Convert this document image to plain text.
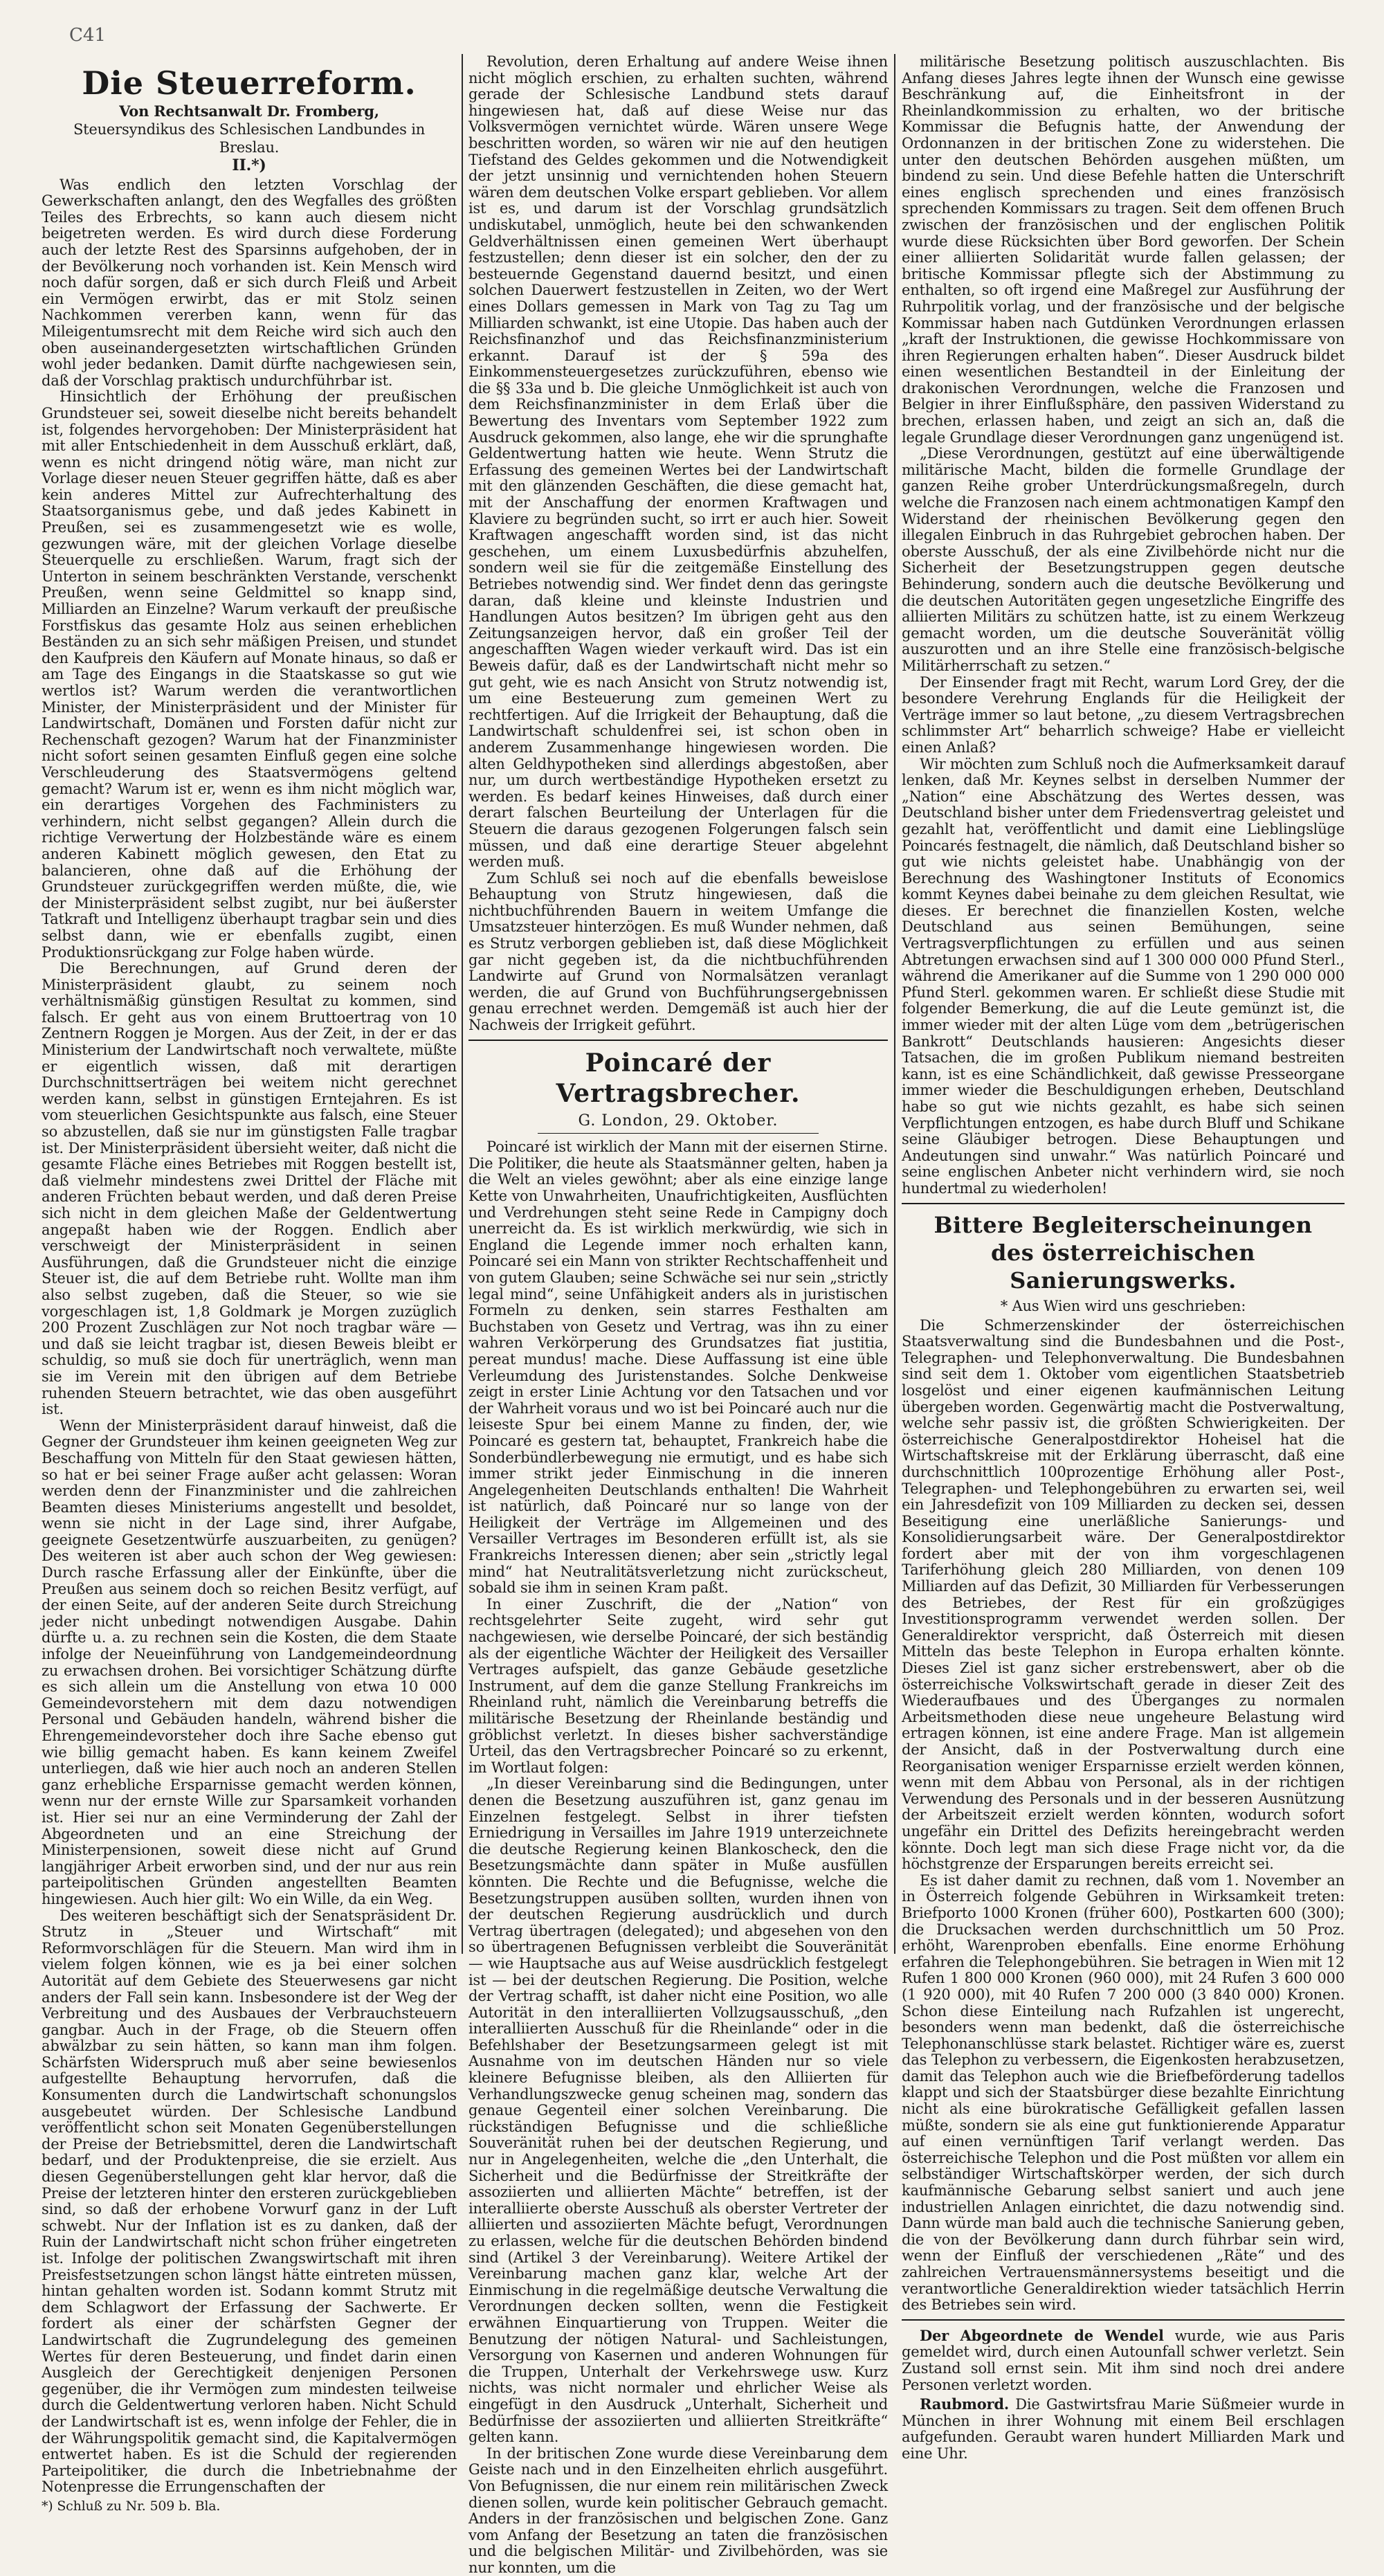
C41
Die Steuerreform.
Von Rechtsanwalt Dr. Fromberg,
Steuersyndikus des Schlesischen Landbundes in Breslau.
II.*)

Was endlich den letzten Vorschlag der Gewerkschaften anlangt, den des Wegfalles des größten Teiles des Erbrechts, so kann auch diesem nicht beigetreten werden. Es wird durch diese Forderung auch der letzte Rest des Sparsinns aufgehoben, der in der Bevölkerung noch vorhanden ist. Kein Mensch wird noch dafür sorgen, daß er sich durch Fleiß und Arbeit ein Vermögen erwirbt, das er mit Stolz seinen Nachkommen vererben kann, wenn für das Mileigentumsrecht mit dem Reiche wird sich auch den oben auseinandergesetzten wirtschaftlichen Gründen wohl jeder bedanken. Damit dürfte nachgewiesen sein, daß der Vorschlag praktisch undurchführbar ist.

Hinsichtlich der Erhöhung der preußischen Grundsteuer sei, soweit dieselbe nicht bereits behandelt ist, folgendes hervorgehoben: Der Ministerpräsident hat mit aller Entschiedenheit in dem Ausschuß erklärt, daß, wenn es nicht dringend nötig wäre, man nicht zur Vorlage dieser neuen Steuer gegriffen hätte, daß es aber kein anderes Mittel zur Aufrechterhaltung des Staatsorganismus gebe, und daß jedes Kabinett in Preußen, sei es zusammengesetzt wie es wolle, gezwungen wäre, mit der gleichen Vorlage dieselbe Steuerquelle zu erschließen. Warum, fragt sich der Unterton in seinem beschränkten Verstande, verschenkt Preußen, wenn seine Geldmittel so knapp sind, Milliarden an Einzelne? Warum verkauft der preußische Forstfiskus das gesamte Holz aus seinen erheblichen Beständen zu an sich sehr mäßigen Preisen, und stundet den Kaufpreis den Käufern auf Monate hinaus, so daß er am Tage des Eingangs in die Staatskasse so gut wie wertlos ist? Warum werden die verantwortlichen Minister, der Ministerpräsident und der Minister für Landwirtschaft, Domänen und Forsten dafür nicht zur Rechenschaft gezogen? Warum hat der Finanzminister nicht sofort seinen gesamten Einfluß gegen eine solche Verschleuderung des Staatsvermögens geltend gemacht? Warum ist er, wenn es ihm nicht möglich war, ein derartiges Vorgehen des Fachministers zu verhindern, nicht selbst gegangen? Allein durch die richtige Verwertung der Holzbestände wäre es einem anderen Kabinett möglich gewesen, den Etat zu balancieren, ohne daß auf die Erhöhung der Grundsteuer zurückgegriffen werden müßte, die, wie der Ministerpräsident selbst zugibt, nur bei äußerster Tatkraft und Intelligenz überhaupt tragbar sein und dies selbst dann, wie er ebenfalls zugibt, einen Produktionsrückgang zur Folge haben würde.

Die Berechnungen, auf Grund deren der Ministerpräsident glaubt, zu seinem noch verhältnismäßig günstigen Resultat zu kommen, sind falsch. Er geht aus von einem Bruttoertrag von 10 Zentnern Roggen je Morgen. Aus der Zeit, in der er das Ministerium der Landwirtschaft noch verwaltete, müßte er eigentlich wissen, daß mit derartigen Durchschnittserträgen bei weitem nicht gerechnet werden kann, selbst in günstigen Erntejahren. Es ist vom steuerlichen Gesichtspunkte aus falsch, eine Steuer so abzustellen, daß sie nur im günstigsten Falle tragbar ist. Der Ministerpräsident übersieht weiter, daß nicht die gesamte Fläche eines Betriebes mit Roggen bestellt ist, daß vielmehr mindestens zwei Drittel der Fläche mit anderen Früchten bebaut werden, und daß deren Preise sich nicht in dem gleichen Maße der Geldentwertung angepaßt haben wie der Roggen. Endlich aber verschweigt der Ministerpräsident in seinen Ausführungen, daß die Grundsteuer nicht die einzige Steuer ist, die auf dem Betriebe ruht. Wollte man ihm also selbst zugeben, daß die Steuer, so wie sie vorgeschlagen ist, 1,8 Goldmark je Morgen zuzüglich 200 Prozent Zuschlägen zur Not noch tragbar wäre — und daß sie leicht tragbar ist, diesen Beweis bleibt er schuldig, so muß sie doch für unerträglich, wenn man sie im Verein mit den übrigen auf dem Betriebe ruhenden Steuern betrachtet, wie das oben ausgeführt ist.

Wenn der Ministerpräsident darauf hinweist, daß die Gegner der Grundsteuer ihm keinen geeigneten Weg zur Beschaffung von Mitteln für den Staat gewiesen hätten, so hat er bei seiner Frage außer acht gelassen: Woran werden denn der Finanzminister und die zahlreichen Beamten dieses Ministeriums angestellt und besoldet, wenn sie nicht in der Lage sind, ihrer Aufgabe, geeignete Gesetzentwürfe auszuarbeiten, zu genügen? Des weiteren ist aber auch schon der Weg gewiesen: Durch rasche Erfassung aller der Einkünfte, über die Preußen aus seinem doch so reichen Besitz verfügt, auf der einen Seite, auf der anderen Seite durch Streichung jeder nicht unbedingt notwendigen Ausgabe. Dahin dürfte u. a. zu rechnen sein die Kosten, die dem Staate infolge der Neueinführung von Landgemeindeordnung zu erwachsen drohen. Bei vorsichtiger Schätzung dürfte es sich allein um die Anstellung von etwa 10 000 Gemeindevorstehern mit dem dazu notwendigen Personal und Gebäuden handeln, während bisher die Ehrengemeindevorsteher doch ihre Sache ebenso gut wie billig gemacht haben. Es kann keinem Zweifel unterliegen, daß wie hier auch noch an anderen Stellen ganz erhebliche Ersparnisse gemacht werden können, wenn nur der ernste Wille zur Sparsamkeit vorhanden ist. Hier sei nur an eine Verminderung der Zahl der Abgeordneten und an eine Streichung der Ministerpensionen, soweit diese nicht auf Grund langjähriger Arbeit erworben sind, und der nur aus rein parteipolitischen Gründen angestellten Beamten hingewiesen. Auch hier gilt: Wo ein Wille, da ein Weg.

Des weiteren beschäftigt sich der Senatspräsident Dr. Strutz in „Steuer und Wirtschaft“ mit Reformvorschlägen für die Steuern. Man wird ihm in vielem folgen können, wie es ja bei einer solchen Autorität auf dem Gebiete des Steuerwesens gar nicht anders der Fall sein kann. Insbesondere ist der Weg der Verbreitung und des Ausbaues der Verbrauchsteuern gangbar. Auch in der Frage, ob die Steuern offen abwälzbar zu sein hätten, so kann man ihm folgen. Schärfsten Widerspruch muß aber seine bewiesenlos aufgestellte Behauptung hervorrufen, daß die Konsumenten durch die Landwirtschaft schonungslos ausgebeutet würden. Der Schlesische Landbund veröffentlicht schon seit Monaten Gegenüberstellungen der Preise der Betriebsmittel, deren die Landwirtschaft bedarf, und der Produktenpreise, die sie erzielt. Aus diesen Gegenüberstellungen geht klar hervor, daß die Preise der letzteren hinter den ersteren zurückgeblieben sind, so daß der erhobene Vorwurf ganz in der Luft schwebt. Nur der Inflation ist es zu danken, daß der Ruin der Landwirtschaft nicht schon früher eingetreten ist. Infolge der politischen Zwangswirtschaft mit ihren Preisfestsetzungen schon längst hätte eintreten müssen, hintan gehalten worden ist. Sodann kommt Strutz mit dem Schlagwort der Erfassung der Sachwerte. Er fordert als einer der schärfsten Gegner der Landwirtschaft die Zugrundelegung des gemeinen Wertes für deren Besteuerung, und findet darin einen Ausgleich der Gerechtigkeit denjenigen Personen gegenüber, die ihr Vermögen zum mindesten teilweise durch die Geldentwertung verloren haben. Nicht Schuld der Landwirtschaft ist es, wenn infolge der Fehler, die in der Währungspolitik gemacht sind, die Kapitalvermögen entwertet haben. Es ist die Schuld der regierenden Parteipolitiker, die durch die Inbetriebnahme der Notenpresse die Errungenschaften der

*) Schluß zu Nr. 509 b. Bla.

Revolution, deren Erhaltung auf andere Weise ihnen nicht möglich erschien, zu erhalten suchten, während gerade der Schlesische Landbund stets darauf hingewiesen hat, daß auf diese Weise nur das Volksvermögen vernichtet würde. Wären unsere Wege beschritten worden, so wären wir nie auf den heutigen Tiefstand des Geldes gekommen und die Notwendigkeit der jetzt unsinnig und vernichtenden hohen Steuern wären dem deutschen Volke erspart geblieben. Vor allem ist es, und darum ist der Vorschlag grundsätzlich undiskutabel, unmöglich, heute bei den schwankenden Geldverhältnissen einen gemeinen Wert überhaupt festzustellen; denn dieser ist ein solcher, den der zu besteuernde Gegenstand dauernd besitzt, und einen solchen Dauerwert festzustellen in Zeiten, wo der Wert eines Dollars gemessen in Mark von Tag zu Tag um Milliarden schwankt, ist eine Utopie. Das haben auch der Reichsfinanzhof und das Reichsfinanzministerium erkannt. Darauf ist der § 59a des Einkommensteuergesetzes zurückzuführen, ebenso wie die §§ 33a und b. Die gleiche Unmöglichkeit ist auch von dem Reichsfinanzminister in dem Erlaß über die Bewertung des Inventars vom September 1922 zum Ausdruck gekommen, also lange, ehe wir die sprunghafte Geldentwertung hatten wie heute. Wenn Strutz die Erfassung des gemeinen Wertes bei der Landwirtschaft mit den glänzenden Geschäften, die diese gemacht hat, mit der Anschaffung der enormen Kraftwagen und Klaviere zu begründen sucht, so irrt er auch hier. Soweit Kraftwagen angeschafft worden sind, ist das nicht geschehen, um einem Luxusbedürfnis abzuhelfen, sondern weil sie für die zeitgemäße Einstellung des Betriebes notwendig sind. Wer findet denn das geringste daran, daß kleine und kleinste Industrien und Handlungen Autos besitzen? Im übrigen geht aus den Zeitungsanzeigen hervor, daß ein großer Teil der angeschafften Wagen wieder verkauft wird. Das ist ein Beweis dafür, daß es der Landwirtschaft nicht mehr so gut geht, wie es nach Ansicht von Strutz notwendig ist, um eine Besteuerung zum gemeinen Wert zu rechtfertigen. Auf die Irrigkeit der Behauptung, daß die Landwirtschaft schuldenfrei sei, ist schon oben in anderem Zusammenhange hingewiesen worden. Die alten Geldhypotheken sind allerdings abgestoßen, aber nur, um durch wertbeständige Hypotheken ersetzt zu werden. Es bedarf keines Hinweises, daß durch einer derart falschen Beurteilung der Unterlagen für die Steuern die daraus gezogenen Folgerungen falsch sein müssen, und daß eine derartige Steuer abgelehnt werden muß.

Zum Schluß sei noch auf die ebenfalls beweislose Behauptung von Strutz hingewiesen, daß die nichtbuchführenden Bauern in weitem Umfange die Umsatzsteuer hinterzögen. Es muß Wunder nehmen, daß es Strutz verborgen geblieben ist, daß diese Möglichkeit gar nicht gegeben ist, da die nichtbuchführenden Landwirte auf Grund von Normalsätzen veranlagt werden, die auf Grund von Buchführungsergebnissen genau errechnet werden. Demgemäß ist auch hier der Nachweis der Irrigkeit geführt.

Poincaré der Vertragsbrecher.
G. London, 29. Oktober.

Poincaré ist wirklich der Mann mit der eisernen Stirne. Die Politiker, die heute als Staatsmänner gelten, haben ja die Welt an vieles gewöhnt; aber als eine einzige lange Kette von Unwahrheiten, Unaufrichtigkeiten, Ausflüchten und Verdrehungen steht seine Rede in Campigny doch unerreicht da. Es ist wirklich merkwürdig, wie sich in England die Legende immer noch erhalten kann, Poincaré sei ein Mann von strikter Rechtschaffenheit und von gutem Glauben; seine Schwäche sei nur sein „strictly legal mind“, seine Unfähigkeit anders als in juristischen Formeln zu denken, sein starres Festhalten am Buchstaben von Gesetz und Vertrag, was ihn zu einer wahren Verkörperung des Grundsatzes fiat justitia, pereat mundus! mache. Diese Auffassung ist eine üble Verleumdung des Juristenstandes. Solche Denkweise zeigt in erster Linie Achtung vor den Tatsachen und vor der Wahrheit voraus und wo ist bei Poincaré auch nur die leiseste Spur bei einem Manne zu finden, der, wie Poincaré es gestern tat, behauptet, Frankreich habe die Sonderbündlerbewegung nie ermutigt, und es habe sich immer strikt jeder Einmischung in die inneren Angelegenheiten Deutschlands enthalten! Die Wahrheit ist natürlich, daß Poincaré nur so lange von der Heiligkeit der Verträge im Allgemeinen und des Versailler Vertrages im Besonderen erfüllt ist, als sie Frankreichs Interessen dienen; aber sein „strictly legal mind“ hat Neutralitätsverletzung nicht zurückscheut, sobald sie ihm in seinen Kram paßt.

In einer Zuschrift, die der „Nation“ von rechtsgelehrter Seite zugeht, wird sehr gut nachgewiesen, wie derselbe Poincaré, der sich beständig als der eigentliche Wächter der Heiligkeit des Versailler Vertrages aufspielt, das ganze Gebäude gesetzliche Instrument, auf dem die ganze Stellung Frankreichs im Rheinland ruht, nämlich die Vereinbarung betreffs die militärische Besetzung der Rheinlande beständig und gröblichst verletzt. In dieses bisher sachverständige Urteil, das den Vertragsbrecher Poincaré so zu erkennt, im Wortlaut folgen:

„In dieser Vereinbarung sind die Bedingungen, unter denen die Besetzung auszuführen ist, ganz genau im Einzelnen festgelegt. Selbst in ihrer tiefsten Erniedrigung in Versailles im Jahre 1919 unterzeichnete die deutsche Regierung keinen Blankoscheck, den die Besetzungsmächte dann später in Muße ausfüllen könnten. Die Rechte und die Befugnisse, welche die Besetzungstruppen ausüben sollten, wurden ihnen von der deutschen Regierung ausdrücklich und durch Vertrag übertragen (delegated); und abgesehen von den so übertragenen Befugnissen verbleibt die Souveränität — wie Hauptsache aus auf Weise ausdrücklich festgelegt ist — bei der deutschen Regierung. Die Position, welche der Vertrag schafft, ist daher nicht eine Position, wo alle Autorität in den interalliierten Vollzugsausschuß, „den interalliierten Ausschuß für die Rheinlande“ oder in die Befehlshaber der Besetzungsarmeen gelegt ist mit Ausnahme von im deutschen Händen nur so viele kleinere Befugnisse bleiben, als den Alliierten für Verhandlungszwecke genug scheinen mag, sondern das genaue Gegenteil einer solchen Vereinbarung. Die rückständigen Befugnisse und die schließliche Souveränität ruhen bei der deutschen Regierung, und nur in Angelegenheiten, welche die „den Unterhalt, die Sicherheit und die Bedürfnisse der Streitkräfte der assoziierten und alliierten Mächte“ betreffen, ist der interalliierte oberste Ausschuß als oberster Vertreter der alliierten und assoziierten Mächte befugt, Verordnungen zu erlassen, welche für die deutschen Behörden bindend sind (Artikel 3 der Vereinbarung). Weitere Artikel der Vereinbarung machen ganz klar, welche Art der Einmischung in die regelmäßige deutsche Verwaltung die Verordnungen decken sollten, wenn die Festigkeit erwähnen Einquartierung von Truppen. Weiter die Benutzung der nötigen Natural- und Sachleistungen, Versorgung von Kasernen und anderen Wohnungen für die Truppen, Unterhalt der Verkehrswege usw. Kurz nichts, was nicht normaler und ehrlicher Weise als eingefügt in den Ausdruck „Unterhalt, Sicherheit und Bedürfnisse der assoziierten und alliierten Streitkräfte“ gelten kann.

In der britischen Zone wurde diese Vereinbarung dem Geiste nach und in den Einzelheiten ehrlich ausgeführt. Von Befugnissen, die nur einem rein militärischen Zweck dienen sollen, wurde kein politischer Gebrauch gemacht. Anders in der französischen und belgischen Zone. Ganz vom Anfang der Besetzung an taten die französischen und die belgischen Militär- und Zivilbehörden, was sie nur konnten, um die

militärische Besetzung politisch auszuschlachten. Bis Anfang dieses Jahres legte ihnen der Wunsch eine gewisse Beschränkung auf, die Einheitsfront in der Rheinlandkommission zu erhalten, wo der britische Kommissar die Befugnis hatte, der Anwendung der Ordonnanzen in der britischen Zone zu widerstehen. Die unter den deutschen Behörden ausgehen müßten, um bindend zu sein. Und diese Befehle hatten die Unterschrift eines englisch sprechenden und eines französisch sprechenden Kommissars zu tragen. Seit dem offenen Bruch zwischen der französischen und der englischen Politik wurde diese Rücksichten über Bord geworfen. Der Schein einer alliierten Solidarität wurde fallen gelassen; der britische Kommissar pflegte sich der Abstimmung zu enthalten, so oft irgend eine Maßregel zur Ausführung der Ruhrpolitik vorlag, und der französische und der belgische Kommissar haben nach Gutdünken Verordnungen erlassen „kraft der Instruktionen, die gewisse Hochkommissare von ihren Regierungen erhalten haben“. Dieser Ausdruck bildet einen wesentlichen Bestandteil in der Einleitung der drakonischen Verordnungen, welche die Franzosen und Belgier in ihrer Einflußsphäre, den passiven Widerstand zu brechen, erlassen haben, und zeigt an sich an, daß die legale Grundlage dieser Verordnungen ganz ungenügend ist.

„Diese Verordnungen, gestützt auf eine überwältigende militärische Macht, bilden die formelle Grundlage der ganzen Reihe grober Unterdrückungsmaßregeln, durch welche die Franzosen nach einem achtmonatigen Kampf den Widerstand der rheinischen Bevölkerung gegen den illegalen Einbruch in das Ruhrgebiet gebrochen haben. Der oberste Ausschuß, der als eine Zivilbehörde nicht nur die Sicherheit der Besetzungstruppen gegen deutsche Behinderung, sondern auch die deutsche Bevölkerung und die deutschen Autoritäten gegen ungesetzliche Eingriffe des alliierten Militärs zu schützen hatte, ist zu einem Werkzeug gemacht worden, um die deutsche Souveränität völlig auszurotten und an ihre Stelle eine französisch-belgische Militärherrschaft zu setzen.“

Der Einsender fragt mit Recht, warum Lord Grey, der die besondere Verehrung Englands für die Heiligkeit der Verträge immer so laut betone, „zu diesem Vertragsbrechen schlimmster Art“ beharrlich schweige? Habe er vielleicht einen Anlaß?

Wir möchten zum Schluß noch die Aufmerksamkeit darauf lenken, daß Mr. Keynes selbst in derselben Nummer der „Nation“ eine Abschätzung des Wertes dessen, was Deutschland bisher unter dem Friedensvertrag geleistet und gezahlt hat, veröffentlicht und damit eine Lieblingslüge Poincarés festnagelt, die nämlich, daß Deutschland bisher so gut wie nichts geleistet habe. Unabhängig von der Berechnung des Washingtoner Instituts of Economics kommt Keynes dabei beinahe zu dem gleichen Resultat, wie dieses. Er berechnet die finanziellen Kosten, welche Deutschland aus seinen Bemühungen, seine Vertragsverpflichtungen zu erfüllen und aus seinen Abtretungen erwachsen sind auf 1 300 000 000 Pfund Sterl., während die Amerikaner auf die Summe von 1 290 000 000 Pfund Sterl. gekommen waren. Er schließt diese Studie mit folgender Bemerkung, die auf die Leute gemünzt ist, die immer wieder mit der alten Lüge vom dem „betrügerischen Bankrott“ Deutschlands hausieren: Angesichts dieser Tatsachen, die im großen Publikum niemand bestreiten kann, ist es eine Schändlichkeit, daß gewisse Presseorgane immer wieder die Beschuldigungen erheben, Deutschland habe so gut wie nichts gezahlt, es habe sich seinen Verpflichtungen entzogen, es habe durch Bluff und Schikane seine Gläubiger betrogen. Diese Behauptungen und Andeutungen sind unwahr.“ Was natürlich Poincaré und seine englischen Anbeter nicht verhindern wird, sie noch hundertmal zu wiederholen!

Bittere Begleiterscheinungen
des österreichischen Sanierungswerks.
* Aus Wien wird uns geschrieben:

Die Schmerzenskinder der österreichischen Staatsverwaltung sind die Bundesbahnen und die Post-, Telegraphen- und Telephonverwaltung. Die Bundesbahnen sind seit dem 1. Oktober vom eigentlichen Staatsbetrieb losgelöst und einer eigenen kaufmännischen Leitung übergeben worden. Gegenwärtig macht die Postverwaltung, welche sehr passiv ist, die größten Schwierigkeiten. Der österreichische Generalpostdirektor Hoheisel hat die Wirtschaftskreise mit der Erklärung überrascht, daß eine durchschnittlich 100prozentige Erhöhung aller Post-, Telegraphen- und Telephongebühren zu erwarten sei, weil ein Jahresdefizit von 109 Milliarden zu decken sei, dessen Beseitigung eine unerläßliche Sanierungs- und Konsolidierungsarbeit wäre. Der Generalpostdirektor fordert aber mit der von ihm vorgeschlagenen Tariferhöhung gleich 280 Milliarden, von denen 109 Milliarden auf das Defizit, 30 Milliarden für Verbesserungen des Betriebes, der Rest für ein großzügiges Investitionsprogramm verwendet werden sollen. Der Generaldirektor verspricht, daß Österreich mit diesen Mitteln das beste Telephon in Europa erhalten könnte. Dieses Ziel ist ganz sicher erstrebenswert, aber ob die österreichische Volkswirtschaft gerade in dieser Zeit des Wiederaufbaues und des Überganges zu normalen Arbeitsmethoden diese neue ungeheure Belastung wird ertragen können, ist eine andere Frage. Man ist allgemein der Ansicht, daß in der Postverwaltung durch eine Reorganisation weniger Ersparnisse erzielt werden können, wenn mit dem Abbau von Personal, als in der richtigen Verwendung des Personals und in der besseren Ausnützung der Arbeitszeit erzielt werden könnten, wodurch sofort ungefähr ein Drittel des Defizits hereingebracht werden könnte. Doch legt man sich diese Frage nicht vor, da die höchstgrenze der Ersparungen bereits erreicht sei.

Es ist daher damit zu rechnen, daß vom 1. November an in Österreich folgende Gebühren in Wirksamkeit treten: Briefporto 1000 Kronen (früher 600), Postkarten 600 (300); die Drucksachen werden durchschnittlich um 50 Proz. erhöht, Warenproben ebenfalls. Eine enorme Erhöhung erfahren die Telephongebühren. Sie betragen in Wien mit 12 Rufen 1 800 000 Kronen (960 000), mit 24 Rufen 3 600 000 (1 920 000), mit 40 Rufen 7 200 000 (3 840 000) Kronen. Schon diese Einteilung nach Rufzahlen ist ungerecht, besonders wenn man bedenkt, daß die österreichische Telephonanschlüsse stark belastet. Richtiger wäre es, zuerst das Telephon zu verbessern, die Eigenkosten herabzusetzen, damit das Telephon auch wie die Briefbeförderung tadellos klappt und sich der Staatsbürger diese bezahlte Einrichtung nicht als eine bürokratische Gefälligkeit gefallen lassen müßte, sondern sie als eine gut funktionierende Apparatur auf einen vernünftigen Tarif verlangt werden. Das österreichische Telephon und die Post müßten vor allem ein selbständiger Wirtschaftskörper werden, der sich durch kaufmännische Gebarung selbst saniert und auch jene industriellen Anlagen einrichtet, die dazu notwendig sind. Dann würde man bald auch die technische Sanierung geben, die von der Bevölkerung dann durch führbar sein wird, wenn der Einfluß der verschiedenen „Räte“ und des zahlreichen Vertrauensmännersystems beseitigt und die verantwortliche Generaldirektion wieder tatsächlich Herrin des Betriebes sein wird.

Der Abgeordnete de Wendel wurde, wie aus Paris gemeldet wird, durch einen Autounfall schwer verletzt. Sein Zustand soll ernst sein. Mit ihm sind noch drei andere Personen verletzt worden.

Raubmord. Die Gastwirtsfrau Marie Süßmeier wurde in München in ihrer Wohnung mit einem Beil erschlagen aufgefunden. Geraubt waren hundert Milliarden Mark und eine Uhr.
